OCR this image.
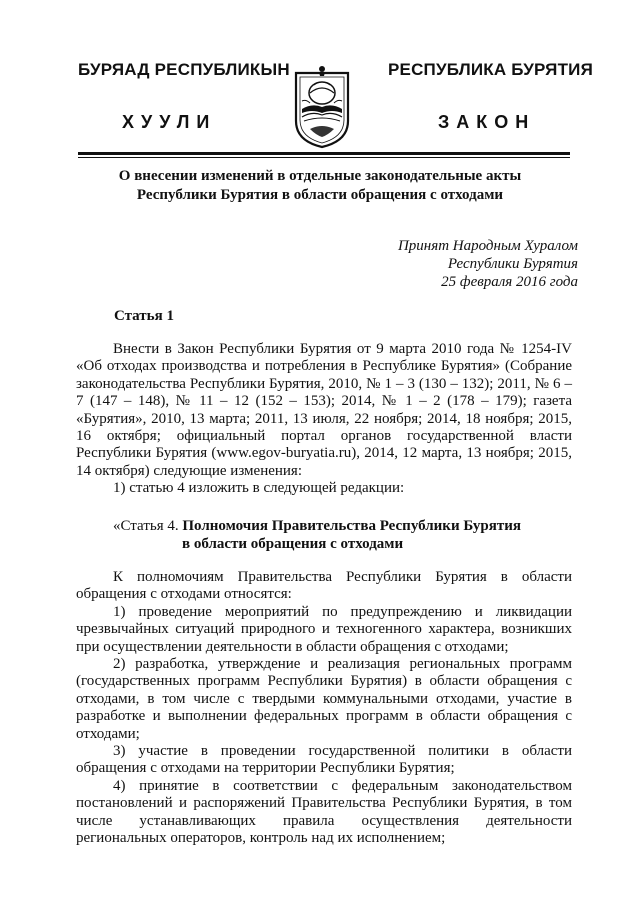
БУРЯАД РЕСПУБЛИКЫН	РЕСПУБЛИКА БУРЯТИЯ
ХУУЛИ	ЗАКОН
О внесении изменений в отдельные законодательные акты
Республики Бурятия в области обращения с отходами
Принят Народным Хуралом
Республики Бурятия
25 февраля 2016 года
Статья 1

Внести в Закон Республики Бурятия от 9 марта 2010 года № 1254-IV «Об отходах производства и потребления в Республике Бурятия» (Собрание законодательства Республики Бурятия, 2010, № 1 – 3 (130 – 132); 2011, № 6 – 7 (147 – 148), № 11 – 12 (152 – 153); 2014, № 1 – 2 (178 – 179); газета «Бурятия», 2010, 13 марта; 2011, 13 июля, 22 ноября; 2014, 18 ноября; 2015, 16 октября; официальный портал органов государственной власти Республики Бурятия (www.egov-buryatia.ru), 2014, 12 марта, 13 ноября; 2015, 14 октября) следующие изменения:

1) статью 4 изложить в следующей редакции:

«Статья 4. Полномочия Правительства Республики Бурятия
в области обращения с отходами

К полномочиям Правительства Республики Бурятия в области обращения с отходами относятся:

1) проведение мероприятий по предупреждению и ликвидации чрезвычайных ситуаций природного и техногенного характера, возникших при осуществлении деятельности в области обращения с отходами;

2) разработка, утверждение и реализация региональных программ (государственных программ Республики Бурятия) в области обращения с отходами, в том числе с твердыми коммунальными отходами, участие в разработке и выполнении федеральных программ в области обращения с отходами;

3) участие в проведении государственной политики в области обращения с отходами на территории Республики Бурятия;

4) принятие в соответствии с федеральным законодательством постановлений и распоряжений Правительства Республики Бурятия, в том числе устанавливающих правила осуществления деятельности региональных операторов, контроль над их исполнением;
